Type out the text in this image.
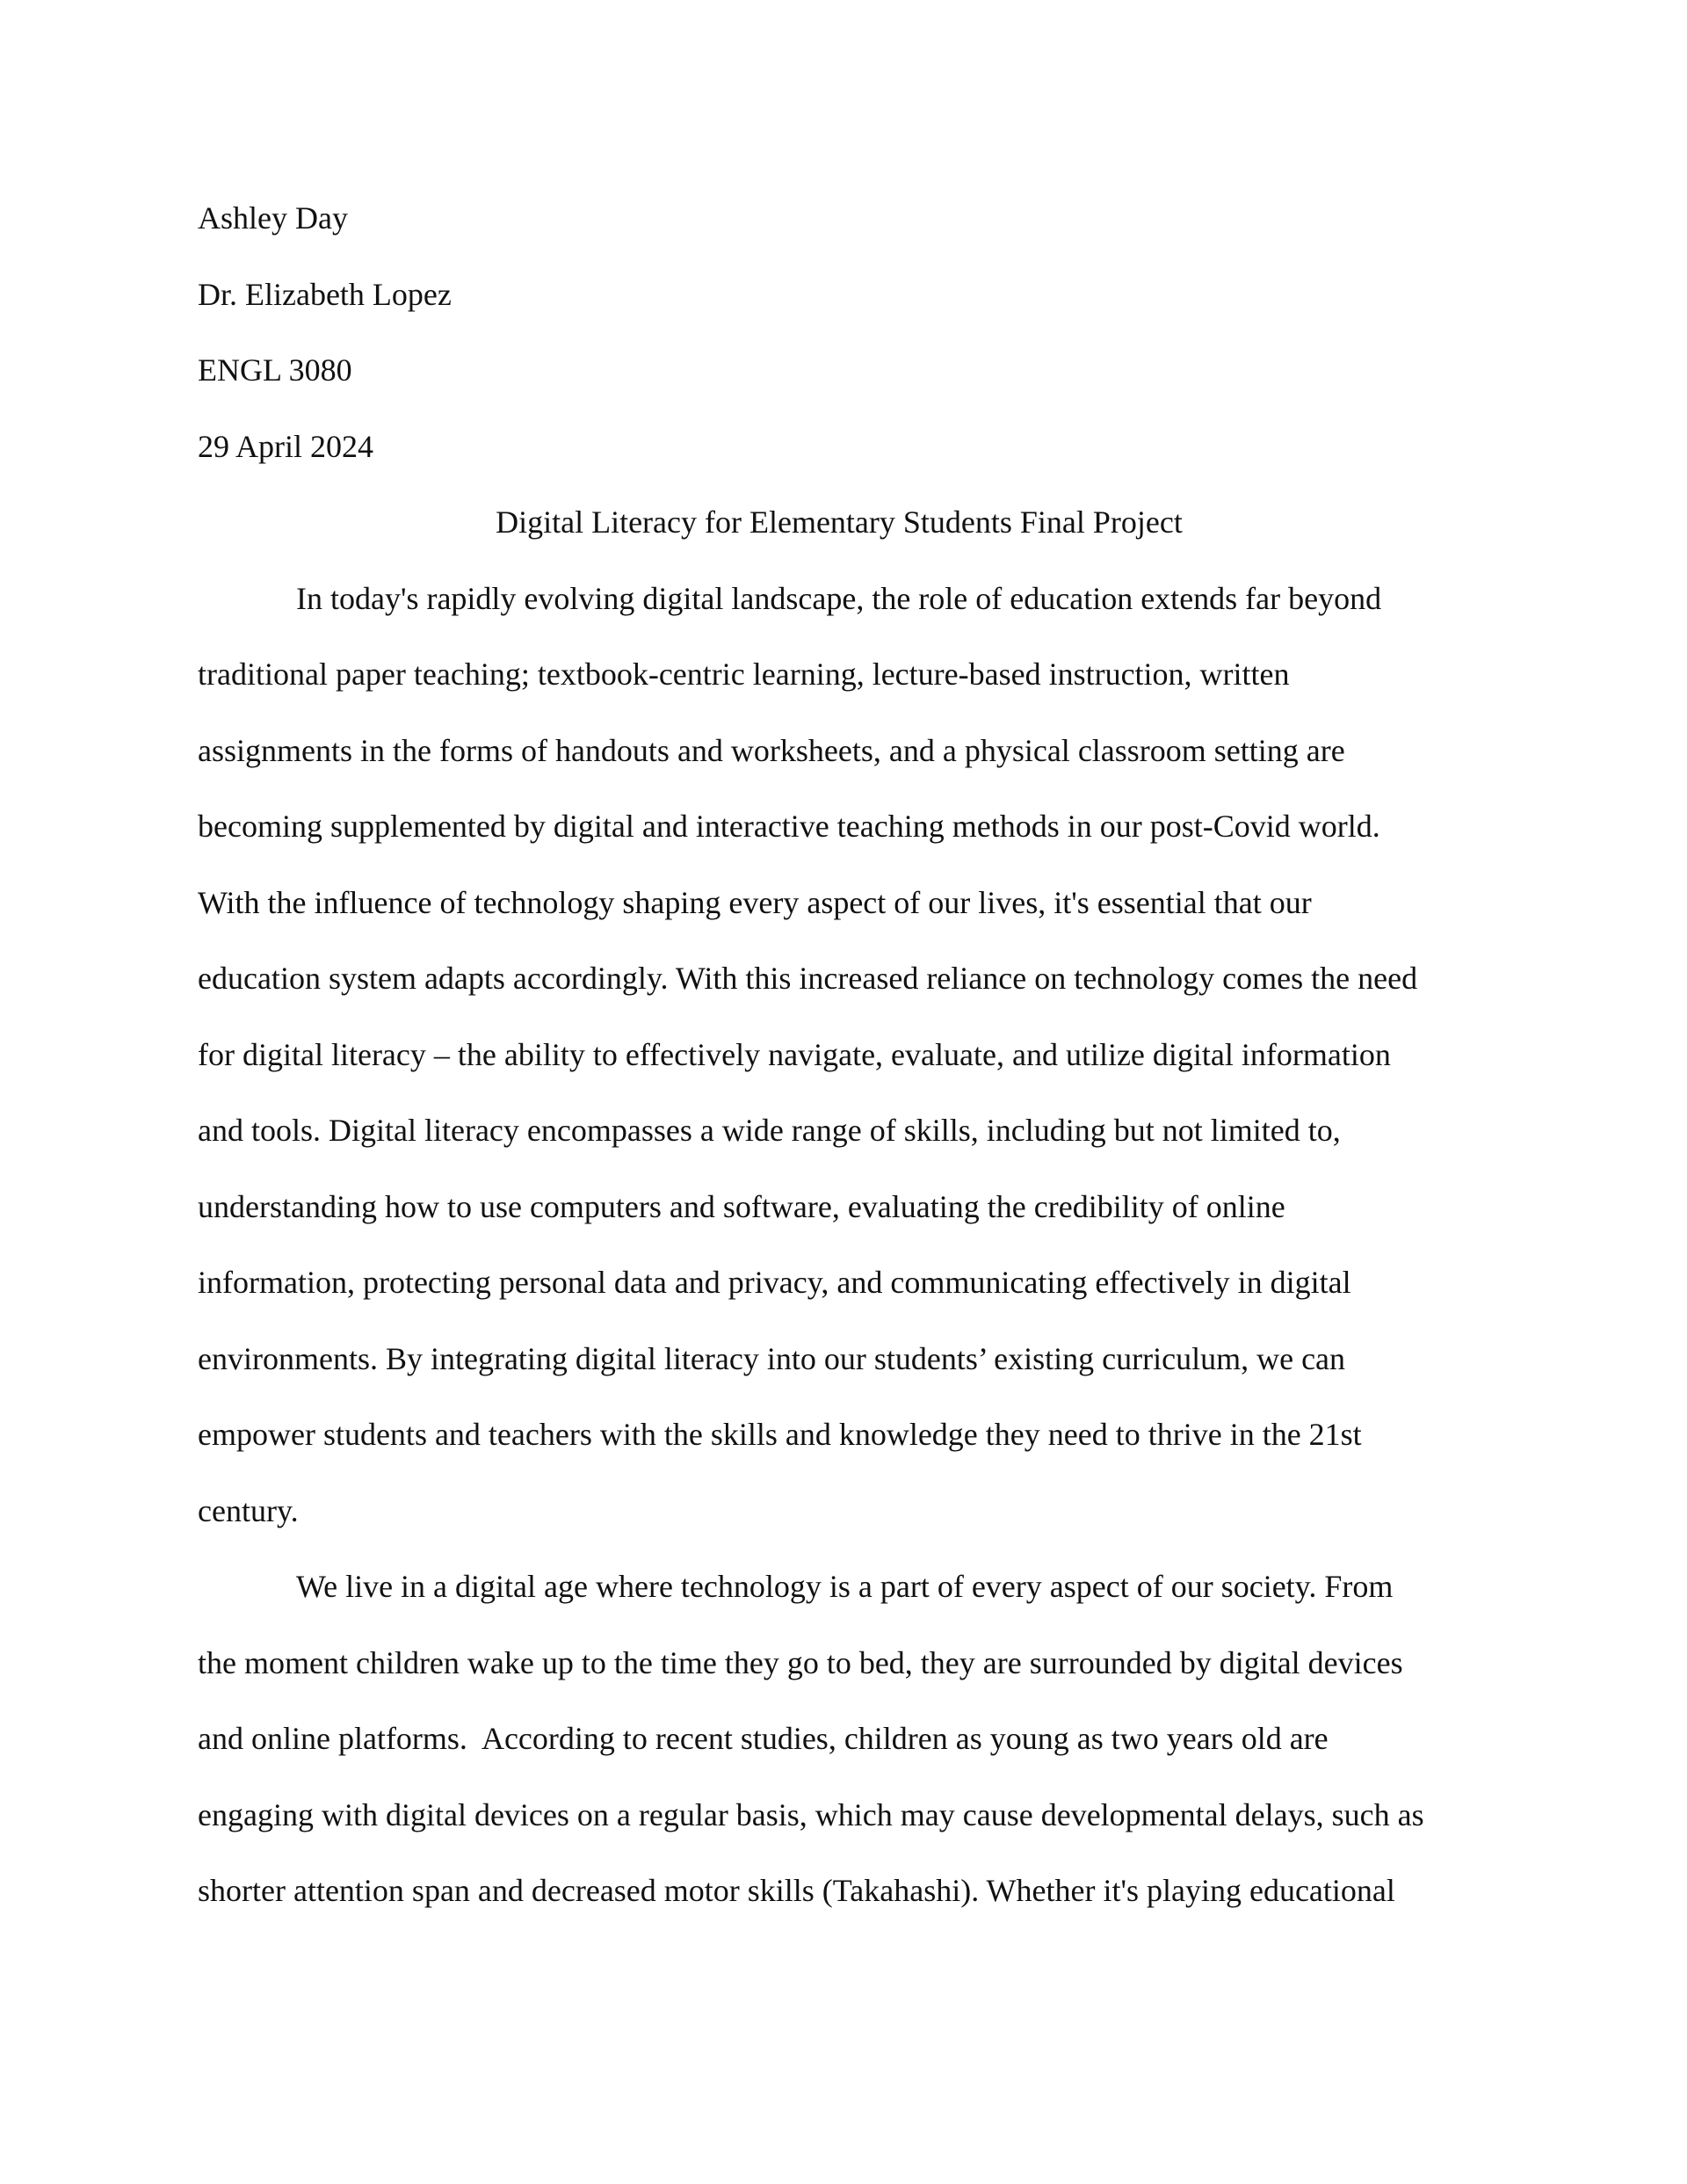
Ashley Day

Dr. Elizabeth Lopez

ENGL 3080

29 April 2024

Digital Literacy for Elementary Students Final Project

In today's rapidly evolving digital landscape, the role of education extends far beyond

traditional paper teaching; textbook-centric learning, lecture-based instruction, written

assignments in the forms of handouts and worksheets, and a physical classroom setting are

becoming supplemented by digital and interactive teaching methods in our post-Covid world.

With the influence of technology shaping every aspect of our lives, it's essential that our

education system adapts accordingly. With this increased reliance on technology comes the need

for digital literacy – the ability to effectively navigate, evaluate, and utilize digital information

and tools. Digital literacy encompasses a wide range of skills, including but not limited to,

understanding how to use computers and software, evaluating the credibility of online

information, protecting personal data and privacy, and communicating effectively in digital

environments. By integrating digital literacy into our students’ existing curriculum, we can

empower students and teachers with the skills and knowledge they need to thrive in the 21st

century.

We live in a digital age where technology is a part of every aspect of our society. From

the moment children wake up to the time they go to bed, they are surrounded by digital devices

and online platforms.  According to recent studies, children as young as two years old are

engaging with digital devices on a regular basis, which may cause developmental delays, such as

shorter attention span and decreased motor skills (Takahashi). Whether it's playing educational
